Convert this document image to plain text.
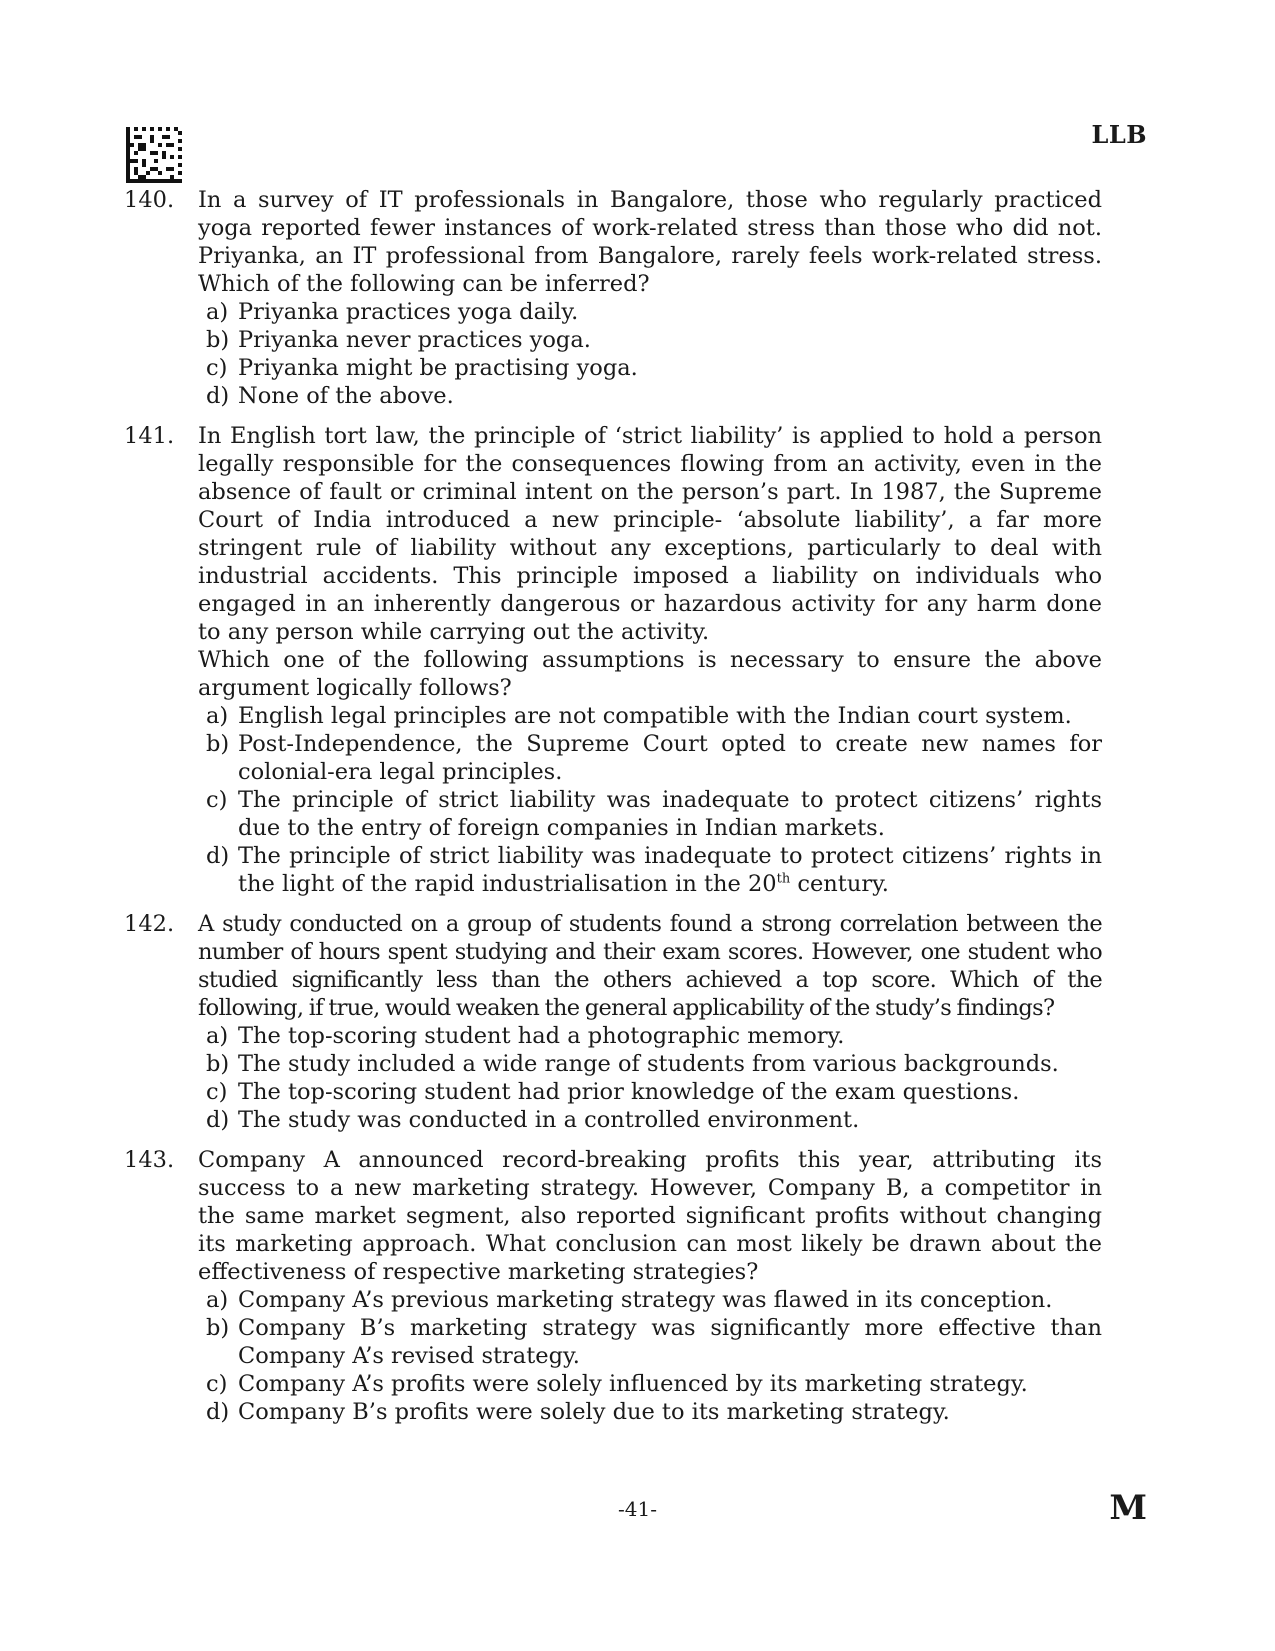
LLB
140.	In a survey of IT professionals in Bangalore, those who regularly practiced yoga reported fewer instances of work-related stress than those who did not. Priyanka, an IT professional from Bangalore, rarely feels work-related stress. Which of the following can be inferred?

a) Priyanka practices yoga daily.
b) Priyanka never practices yoga.
c) Priyanka might be practising yoga.
d) None of the above.
141.	In English tort law, the principle of ‘strict liability’ is applied to hold a person legally responsible for the consequences flowing from an activity, even in the absence of fault or criminal intent on the person’s part. In 1987, the Supreme Court of India introduced a new principle- ‘absolute liability’, a far more stringent rule of liability without any exceptions, particularly to deal with industrial accidents. This principle imposed a liability on individuals who engaged in an inherently dangerous or hazardous activity for any harm done to any person while carrying out the activity.

Which one of the following assumptions is necessary to ensure the above argument logically follows?

a) English legal principles are not compatible with the Indian court system.
b) Post-Independence, the Supreme Court opted to create new names for colonial-era legal principles.
c) The principle of strict liability was inadequate to protect citizens’ rights due to the entry of foreign companies in Indian markets.
d) The principle of strict liability was inadequate to protect citizens’ rights in the light of the rapid industrialisation in the 20th century.
142.	A study conducted on a group of students found a strong correlation between the number of hours spent studying and their exam scores. However, one student who studied significantly less than the others achieved a top score. Which of the following, if true, would weaken the general applicability of the study’s findings?

a) The top-scoring student had a photographic memory.
b) The study included a wide range of students from various backgrounds.
c) The top-scoring student had prior knowledge of the exam questions.
d) The study was conducted in a controlled environment.
143.	Company A announced record-breaking profits this year, attributing its success to a new marketing strategy. However, Company B, a competitor in the same market segment, also reported significant profits without changing its marketing approach. What conclusion can most likely be drawn about the effectiveness of respective marketing strategies?

a) Company A’s previous marketing strategy was flawed in its conception.
b) Company B’s marketing strategy was significantly more effective than Company A’s revised strategy.
c) Company A’s profits were solely influenced by its marketing strategy.
d) Company B’s profits were solely due to its marketing strategy.
-41-	M
